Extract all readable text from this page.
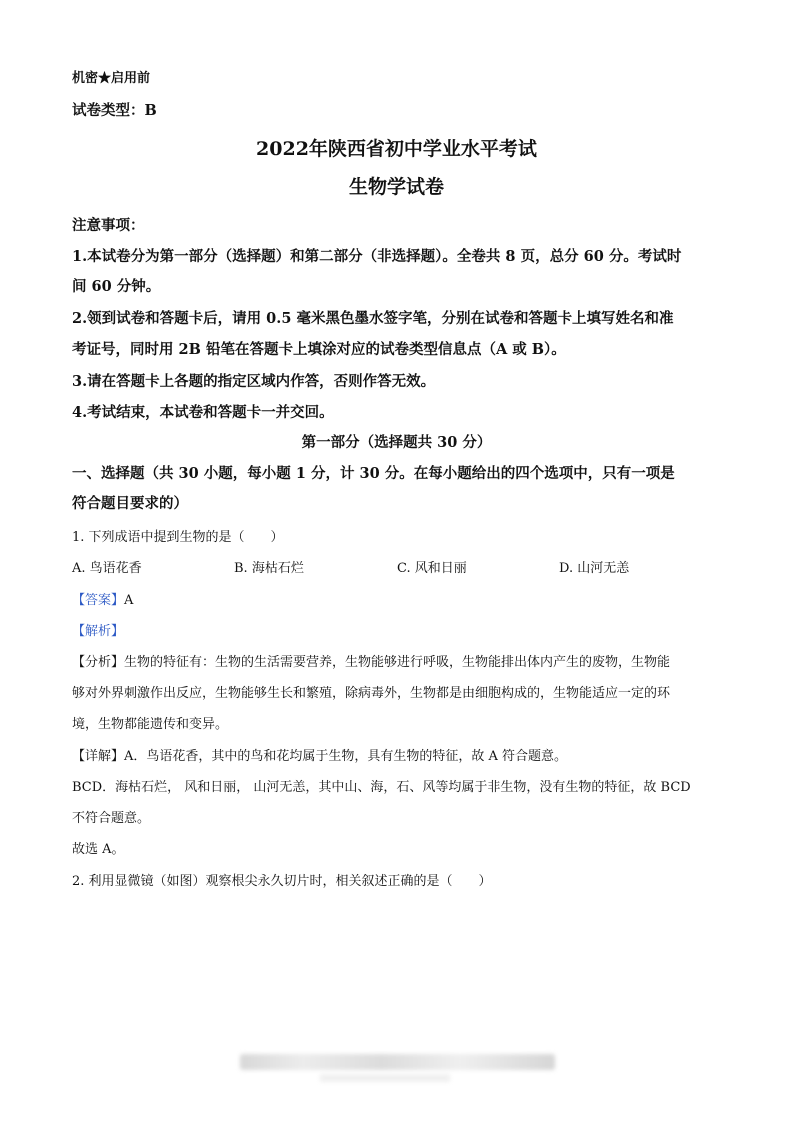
机密★启用前
试卷类型：B
2022年陕西省初中学业水平考试
生物学试卷
注意事项：
1.本试卷分为第一部分（选择题）和第二部分（非选择题）。全卷共 8 页，总分 60 分。考试时
间 60 分钟。
2.领到试卷和答题卡后，请用 0.5 毫米黑色墨水签字笔，分别在试卷和答题卡上填写姓名和准
考证号，同时用 2B 铅笔在答题卡上填涂对应的试卷类型信息点（A 或 B）。
3.请在答题卡上各题的指定区域内作答，否则作答无效。
4.考试结束，本试卷和答题卡一并交回。
第一部分（选择题共 30 分）
一、选择题（共 30 小题，每小题 1 分，计 30 分。在每小题给出的四个选项中，只有一项是
符合题目要求的）
1. 下列成语中提到生物的是（　　）
A. 鸟语花香	B. 海枯石烂	C. 风和日丽	D. 山河无恙
【答案】A
【解析】
【分析】生物的特征有：生物的生活需要营养，生物能够进行呼吸，生物能排出体内产生的废物，生物能
够对外界刺激作出反应，生物能够生长和繁殖，除病毒外，生物都是由细胞构成的，生物能适应一定的环
境，生物都能遗传和变异。
【详解】A．鸟语花香，其中的鸟和花均属于生物，具有生物的特征，故 A 符合题意。
BCD．海枯石烂， 风和日丽， 山河无恙，其中山、海，石、风等均属于非生物，没有生物的特征，故 BCD
不符合题意。
故选 A。
2. 利用显微镜（如图）观察根尖永久切片时，相关叙述正确的是（　　）
